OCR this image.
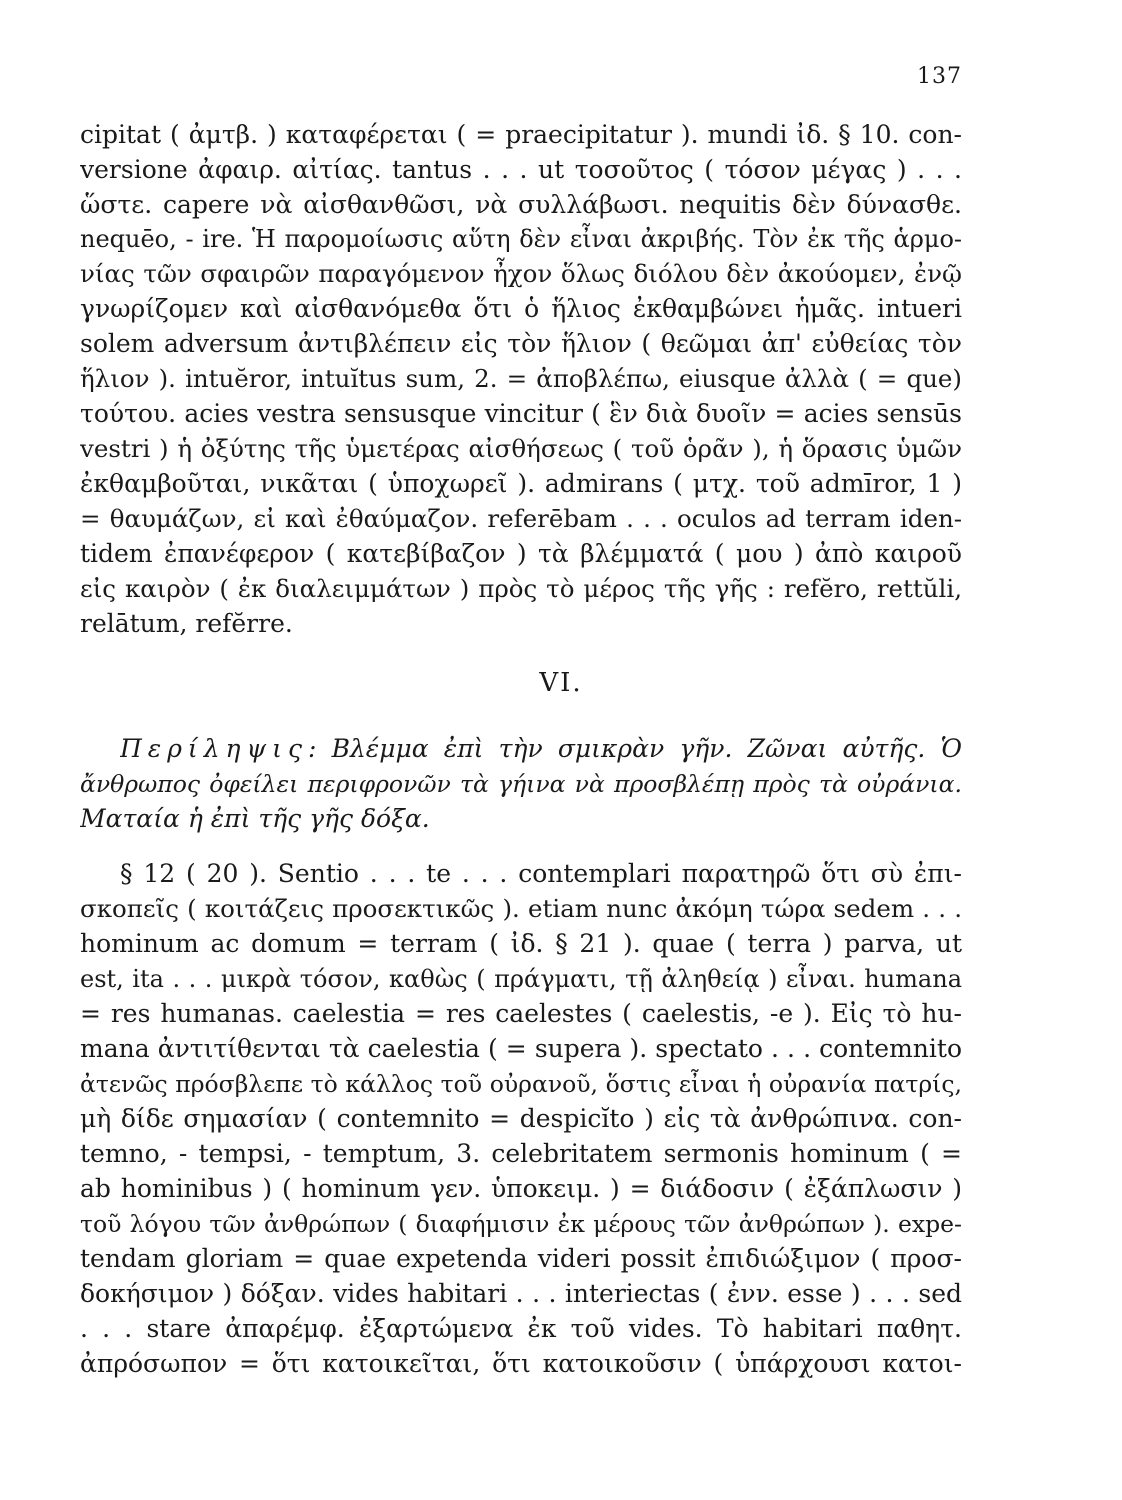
137
cipitat ( ἀμτβ. ) καταφέρεται ( = praecipitatur ). mundi ἰδ. § 10. con-
versione ἀφαιρ. αἰτίας. tantus . . . ut τοσοῦτος ( τόσον μέγας ) . . .
ὥστε. capere νὰ αἰσθανθῶσι, νὰ συλλάβωσι. nequitis δὲν δύνασθε.
nequēo, - ire. Ἡ παρομοίωσις αὕτη δὲν εἶναι ἀκριβής. Τὸν ἐκ τῆς ἁρμο-
νίας τῶν σφαιρῶν παραγόμενον ἦχον ὅλως διόλου δὲν ἀκούομεν, ἐνῷ
γνωρίζομεν καὶ αἰσθανόμεθα ὅτι ὁ ἥλιος ἐκθαμβώνει ἡμᾶς. intueri
solem adversum ἀντιβλέπειν εἰς τὸν ἥλιον ( θεῶμαι ἀπ' εὐθείας τὸν
ἥλιον ). intuĕror, intuĭtus sum, 2. = ἀποβλέπω, eiusque ἀλλὰ ( = que)
τούτου. acies vestra sensusque vincitur ( ἓν διὰ δυοῖν = acies sensūs
vestri ) ἡ ὀξύτης τῆς ὑμετέρας αἰσθήσεως ( τοῦ ὁρᾶν ), ἡ ὅρασις ὑμῶν
ἐκθαμβοῦται, νικᾶται ( ὑποχωρεῖ ). admirans ( μτχ. τοῦ admīror, 1 )
= θαυμάζων, εἰ καὶ ἐθαύμαζον. referēbam . . . oculos ad terram iden-
tidem ἐπανέφερον ( κατεβίβαζον ) τὰ βλέμματά ( μου ) ἀπὸ καιροῦ
εἰς καιρὸν ( ἐκ διαλειμμάτων ) πρὸς τὸ μέρος τῆς γῆς : refĕro, rettŭli,
relātum, refĕrre.
VI.
Περίληψις: Βλέμμα ἐπὶ τὴν σμικρὰν γῆν. Ζῶναι αὐτῆς. Ὁ
ἄνθρωπος ὀφείλει περιφρονῶν τὰ γήινα νὰ προσβλέπῃ πρὸς τὰ οὐράνια.
Ματαία ἡ ἐπὶ τῆς γῆς δόξα.
§ 12 ( 20 ). Sentio . . . te . . . contemplari παρατηρῶ ὅτι σὺ ἐπι-
σκοπεῖς ( κοιτάζεις προσεκτικῶς ). etiam nunc ἀκόμη τώρα sedem . . .
hominum ac domum = terram ( ἰδ. § 21 ). quae ( terra ) parva, ut
est, ita . . . μικρὰ τόσον, καθὼς ( πράγματι, τῇ ἀληθείᾳ ) εἶναι. humana
= res humanas. caelestia = res caelestes ( caelestis, -e ). Εἰς τὸ hu-
mana ἀντιτίθενται τὰ caelestia ( = supera ). spectato . . . contemnito
ἀτενῶς πρόσβλεπε τὸ κάλλος τοῦ οὐρανοῦ, ὅστις εἶναι ἡ οὐρανία πατρίς,
μὴ δίδε σημασίαν ( contemnito = despicĭto ) εἰς τὰ ἀνθρώπινα. con-
temno, - tempsi, - temptum, 3. celebritatem sermonis hominum ( =
ab hominibus ) ( hominum γεν. ὑποκειμ. ) = διάδοσιν ( ἐξάπλωσιν )
τοῦ λόγου τῶν ἀνθρώπων ( διαφήμισιν ἐκ μέρους τῶν ἀνθρώπων ). expe-
tendam gloriam = quae expetenda videri possit ἐπιδιώξιμον ( προσ-
δοκήσιμον ) δόξαν. vides habitari . . . interiectas ( ἐνν. esse ) . . . sed
. . . stare ἀπαρέμφ. ἐξαρτώμενα ἐκ τοῦ vides. Τὸ habitari παθητ.
ἀπρόσωπον = ὅτι κατοικεῖται, ὅτι κατοικοῦσιν ( ὑπάρχουσι κατοι-
